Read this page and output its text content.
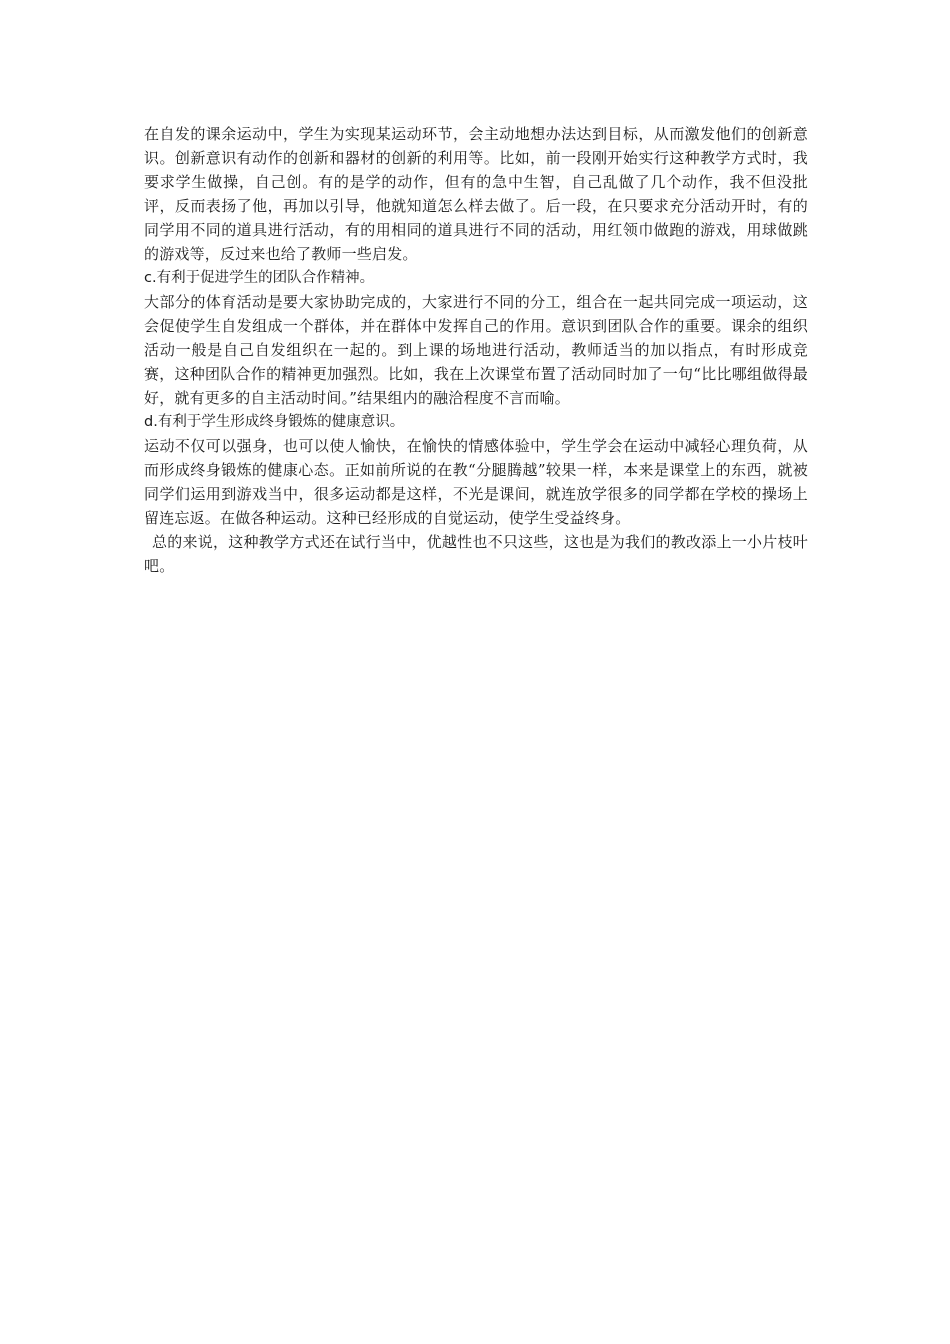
在自发的课余运动中，学生为实现某运动环节，会主动地想办法达到目标，从而激发他们的创新意识。创新意识有动作的创新和器材的创新的利用等。比如，前一段刚开始实行这种教学方式时，我要求学生做操，自己创。有的是学的动作，但有的急中生智，自己乱做了几个动作，我不但没批评，反而表扬了他，再加以引导，他就知道怎么样去做了。后一段，在只要求充分活动开时，有的同学用不同的道具进行活动，有的用相同的道具进行不同的活动，用红领巾做跑的游戏，用球做跳的游戏等，反过来也给了教师一些启发。

c.有利于促进学生的团队合作精神。

大部分的体育活动是要大家协助完成的，大家进行不同的分工，组合在一起共同完成一项运动，这会促使学生自发组成一个群体，并在群体中发挥自己的作用。意识到团队合作的重要。课余的组织活动一般是自己自发组织在一起的。到上课的场地进行活动，教师适当的加以指点，有时形成竞赛，这种团队合作的精神更加强烈。比如，我在上次课堂布置了活动同时加了一句“比比哪组做得最好，就有更多的自主活动时间。”结果组内的融洽程度不言而喻。

d.有利于学生形成终身锻炼的健康意识。

运动不仅可以强身，也可以使人愉快，在愉快的情感体验中，学生学会在运动中减轻心理负荷，从而形成终身锻炼的健康心态。正如前所说的在教“分腿腾越”较果一样，本来是课堂上的东西，就被同学们运用到游戏当中，很多运动都是这样，不光是课间，就连放学很多的同学都在学校的操场上留连忘返。在做各种运动。这种已经形成的自觉运动，使学生受益终身。

总的来说，这种教学方式还在试行当中，优越性也不只这些，这也是为我们的教改添上一小片枝叶吧。
